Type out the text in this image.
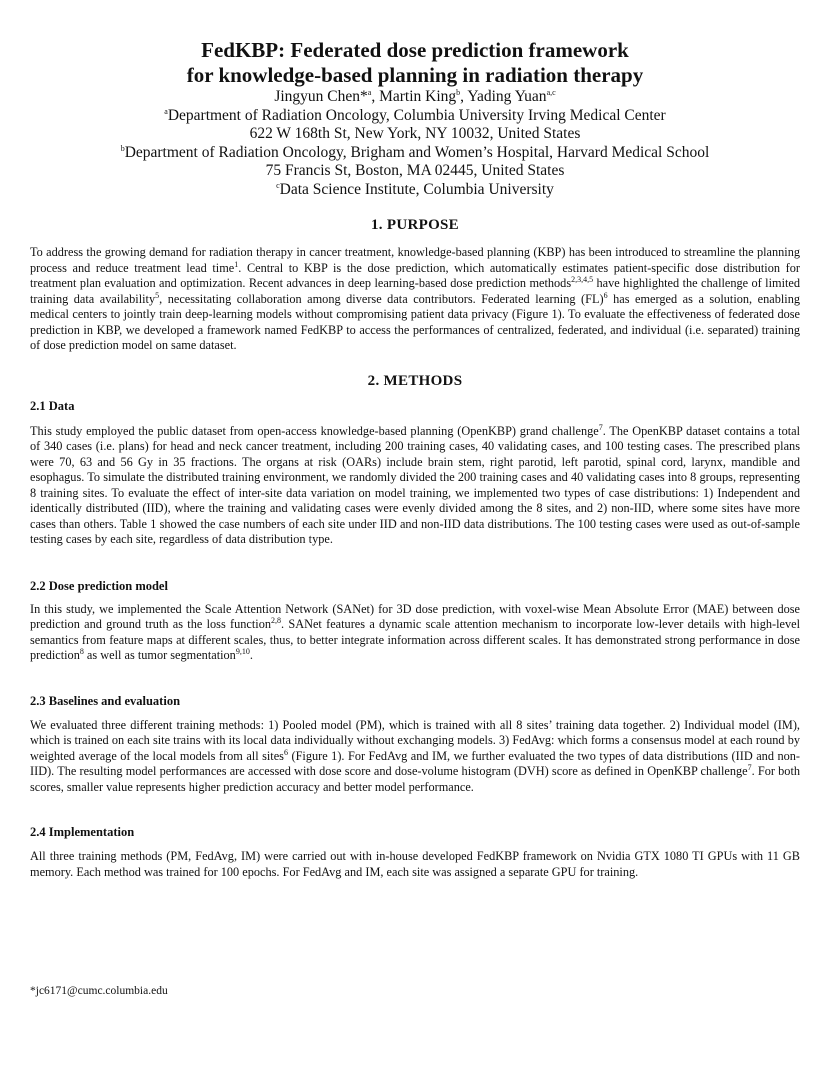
FedKBP: Federated dose prediction framework
for knowledge-based planning in radiation therapy

Jingyun Chen*$^a$, Martin King$^b$, Yading Yuan$^{a,c}$

$^a$Department of Radiation Oncology, Columbia University Irving Medical Center

622 W 168th St, New York, NY 10032, United States

$^b$Department of Radiation Oncology, Brigham and Women’s Hospital, Harvard Medical School

75 Francis St, Boston, MA 02445, United States

$^c$Data Science Institute, Columbia University

1. PURPOSE

To address the growing demand for radiation therapy in cancer treatment, knowledge-based planning (KBP) has been introduced to streamline the planning process and reduce treatment lead time$^1$. Central to KBP is the dose prediction, which automatically estimates patient-specific dose distribution for treatment plan evaluation and optimization. Recent advances in deep learning-based dose prediction methods$^{2,3,4,5}$ have highlighted the challenge of limited training data availability$^5$, necessitating collaboration among diverse data contributors. Federated learning (FL)$^6$ has emerged as a solution, enabling medical centers to jointly train deep-learning models without compromising patient data privacy (Figure 1). To evaluate the effectiveness of federated dose prediction in KBP, we developed a framework named FedKBP to access the performances of centralized, federated, and individual (i.e. separated) training of dose prediction model on same dataset.

2. METHODS
2.1 Data

This study employed the public dataset from open-access knowledge-based planning (OpenKBP) grand challenge$^7$. The OpenKBP dataset contains a total of 340 cases (i.e. plans) for head and neck cancer treatment, including 200 training cases, 40 validating cases, and 100 testing cases. The prescribed plans were 70, 63 and 56 Gy in 35 fractions. The organs at risk (OARs) include brain stem, right parotid, left parotid, spinal cord, larynx, mandible and esophagus. To simulate the distributed training environment, we randomly divided the 200 training cases and 40 validating cases into 8 groups, representing 8 training sites. To evaluate the effect of inter-site data variation on model training, we implemented two types of case distributions: 1) Independent and identically distributed (IID), where the training and validating cases were evenly divided among the 8 sites, and 2) non-IID, where some sites have more cases than others. Table 1 showed the case numbers of each site under IID and non-IID data distributions. The 100 testing cases were used as out-of-sample testing cases by each site, regardless of data distribution type.

2.2 Dose prediction model

In this study, we implemented the Scale Attention Network (SANet) for 3D dose prediction, with voxel-wise Mean Absolute Error (MAE) between dose prediction and ground truth as the loss function$^{2,8}$. SANet features a dynamic scale attention mechanism to incorporate low-lever details with high-level semantics from feature maps at different scales, thus, to better integrate information across different scales. It has demonstrated strong performance in dose prediction$^8$ as well as tumor segmentation$^{9,10}$.

2.3 Baselines and evaluation

We evaluated three different training methods: 1) Pooled model (PM), which is trained with all 8 sites’ training data together. 2) Individual model (IM), which is trained on each site trains with its local data individually without exchanging models. 3) FedAvg: which forms a consensus model at each round by weighted average of the local models from all sites$^6$ (Figure 1). For FedAvg and IM, we further evaluated the two types of data distributions (IID and non-IID). The resulting model performances are accessed with dose score and dose-volume histogram (DVH) score as defined in OpenKBP challenge$^7$. For both scores, smaller value represents higher prediction accuracy and better model performance.

2.4 Implementation

All three training methods (PM, FedAvg, IM) were carried out with in-house developed FedKBP framework on Nvidia GTX 1080 TI GPUs with 11 GB memory. Each method was trained for 100 epochs. For FedAvg and IM, each site was assigned a separate GPU for training.

*jc6171@cumc.columbia.edu
